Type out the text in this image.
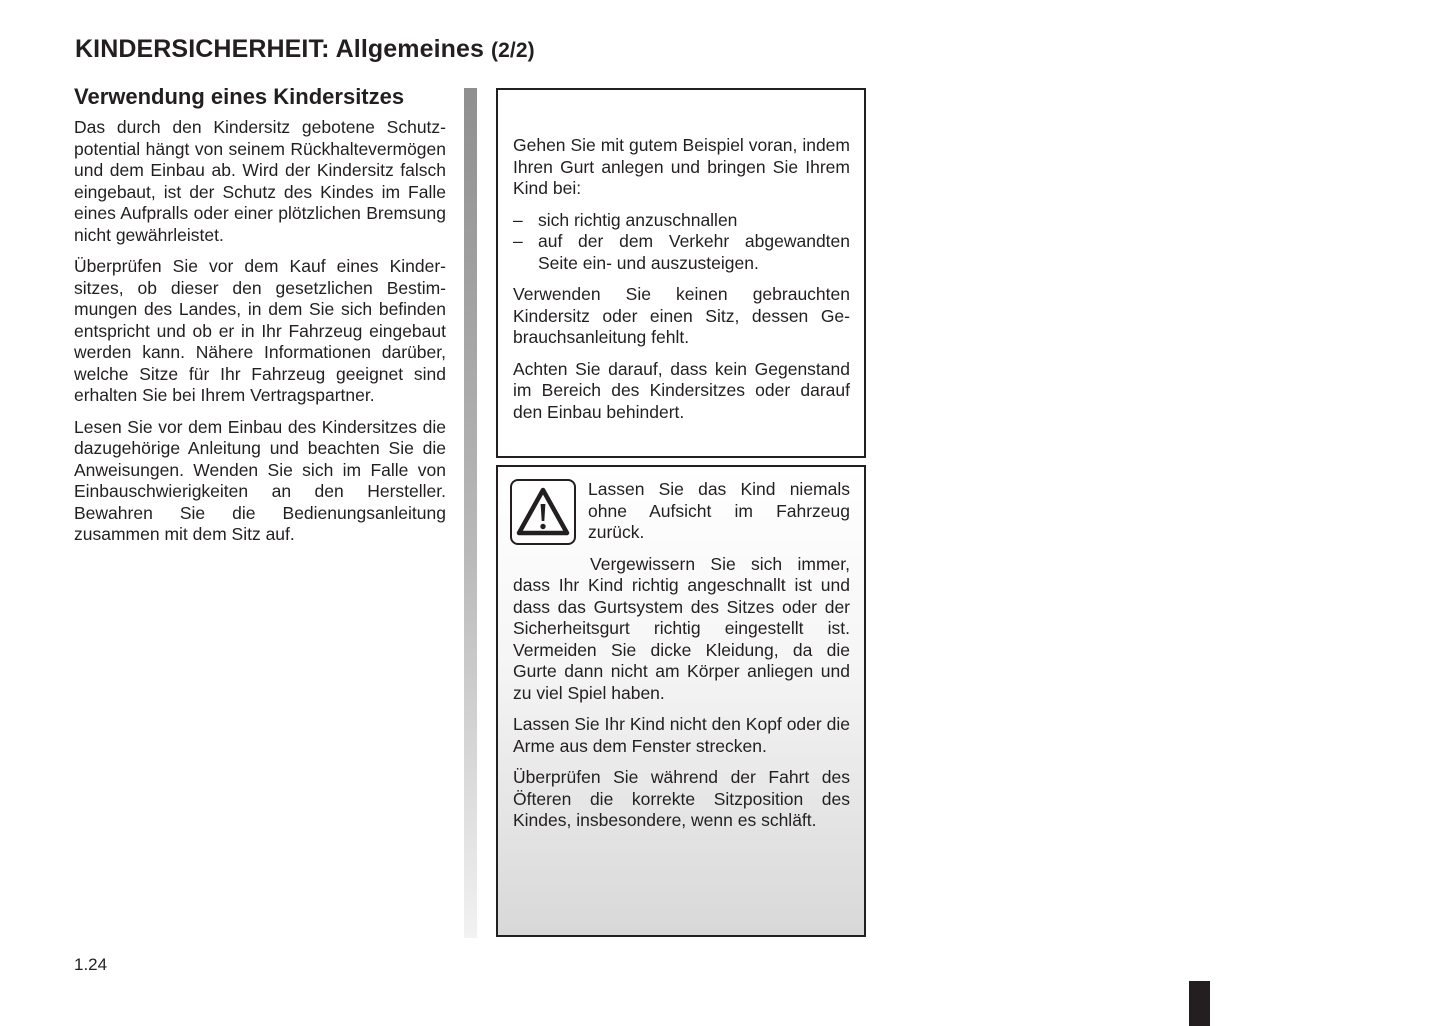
KINDERSICHERHEIT: Allgemeines (2/2)
Verwendung eines Kindersitzes

Das durch den Kindersitz gebotene Schutzpotential hängt von seinem Rückhaltevermögen und dem Einbau ab. Wird der Kindersitz falsch eingebaut, ist der Schutz des Kindes im Falle eines Aufpralls oder einer plötzlichen Bremsung nicht gewährleistet.

Überprüfen Sie vor dem Kauf eines Kindersitzes, ob dieser den gesetzlichen Bestimmungen des Landes, in dem Sie sich befinden entspricht und ob er in Ihr Fahrzeug eingebaut werden kann. Nähere Informationen darüber, welche Sitze für Ihr Fahrzeug geeignet sind erhalten Sie bei Ihrem Vertragspartner.

Lesen Sie vor dem Einbau des Kindersitzes die dazugehörige Anleitung und beachten Sie die Anweisungen. Wenden Sie sich im Falle von Einbauschwierigkeiten an den Hersteller. Bewahren Sie die Bedienungsanleitung zusammen mit dem Sitz auf.

Gehen Sie mit gutem Beispiel voran, indem Ihren Gurt anlegen und bringen Sie Ihrem Kind bei:

– sich richtig anzuschnallen
– auf der dem Verkehr abgewandten Seite ein- und auszusteigen.

Verwenden Sie keinen gebrauchten Kindersitz oder einen Sitz, dessen Gebrauchsanleitung fehlt.

Achten Sie darauf, dass kein Gegenstand im Bereich des Kindersitzes oder darauf den Einbau behindert.

Lassen Sie das Kind niemals ohne Aufsicht im Fahrzeug zurück.

Vergewissern Sie sich immer, dass Ihr Kind richtig angeschnallt ist und dass das Gurtsystem des Sitzes oder der Sicherheitsgurt richtig eingestellt ist. Vermeiden Sie dicke Kleidung, da die Gurte dann nicht am Körper anliegen und zu viel Spiel haben.

Lassen Sie Ihr Kind nicht den Kopf oder die Arme aus dem Fenster strecken.

Überprüfen Sie während der Fahrt des Öfteren die korrekte Sitzposition des Kindes, insbesondere, wenn es schläft.

1.24
